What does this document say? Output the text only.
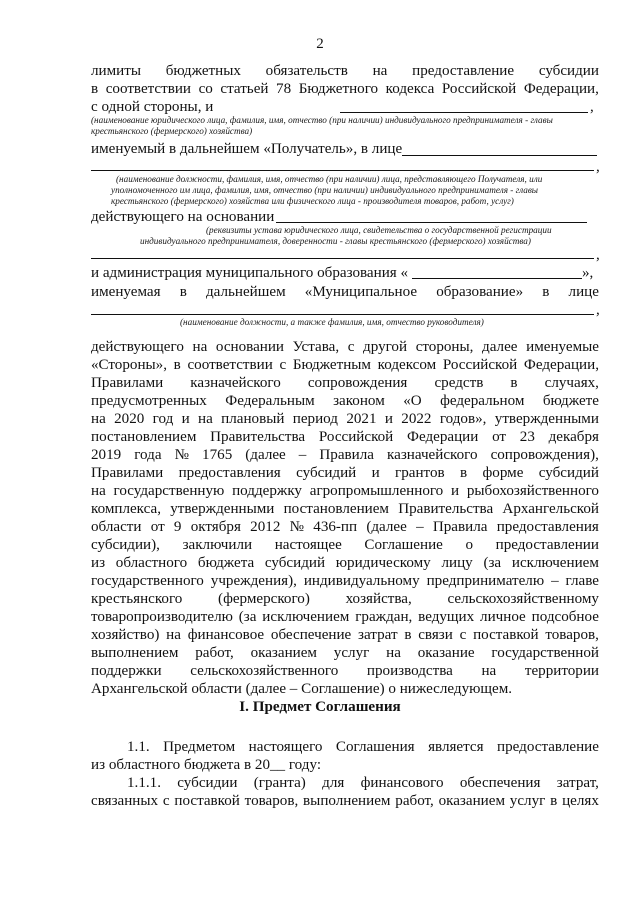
2
лимиты бюджетных обязательств на предоставление субсидии
в соответствии со статьей 78 Бюджетного кодекса Российской Федерации,
с одной стороны, и	,
(наименование юридического лица, фамилия, имя, отчество (при наличии) индивидуального предпринимателя - главы
крестьянского (фермерского) хозяйства)
именуемый в дальнейшем «Получатель», в лице
,
(наименование должности, фамилия, имя, отчество (при наличии) лица, представляющего Получателя, или
уполномоченного им лица, фамилия, имя, отчество (при наличии) индивидуального предпринимателя - главы
крестьянского (фермерского) хозяйства или физического лица - производителя товаров, работ, услуг)
действующего на основании
(реквизиты устава юридического лица, свидетельства о государственной регистрации
индивидуального предпринимателя, доверенности - главы крестьянского (фермерского) хозяйства)
,
и администрация муниципального образования «	»,
именуемая в дальнейшем «Муниципальное образование» в лице
,
(наименование должности, а также фамилия, имя, отчество руководителя)
действующего на основании Устава, с другой стороны, далее именуемые
«Стороны», в соответствии с Бюджетным кодексом Российской Федерации,
Правилами казначейского сопровождения средств в случаях,
предусмотренных Федеральным законом «О федеральном бюджете
на 2020 год и на плановый период 2021 и 2022 годов», утвержденными
постановлением Правительства Российской Федерации от 23 декабря
2019 года № 1765 (далее – Правила казначейского сопровождения),
Правилами предоставления субсидий и грантов в форме субсидий
на государственную поддержку агропромышленного и рыбохозяйственного
комплекса, утвержденными постановлением Правительства Архангельской
области от 9 октября 2012 № 436-пп (далее – Правила предоставления
субсидии), заключили настоящее Соглашение о предоставлении
из областного бюджета субсидий юридическому лицу (за исключением
государственного учреждения), индивидуальному предпринимателю – главе
крестьянского (фермерского) хозяйства, сельскохозяйственному
товаропроизводителю (за исключением граждан, ведущих личное подсобное
хозяйство) на финансовое обеспечение затрат в связи с поставкой товаров,
выполнением работ, оказанием услуг на оказание государственной
поддержки сельскохозяйственного производства на территории
Архангельской области (далее – Соглашение) о нижеследующем.
I. Предмет Соглашения
1.1. Предметом настоящего Соглашения является предоставление
из областного бюджета в 20__ году:
1.1.1. субсидии (гранта) для финансового обеспечения затрат,
связанных с поставкой товаров, выполнением работ, оказанием услуг в целях
